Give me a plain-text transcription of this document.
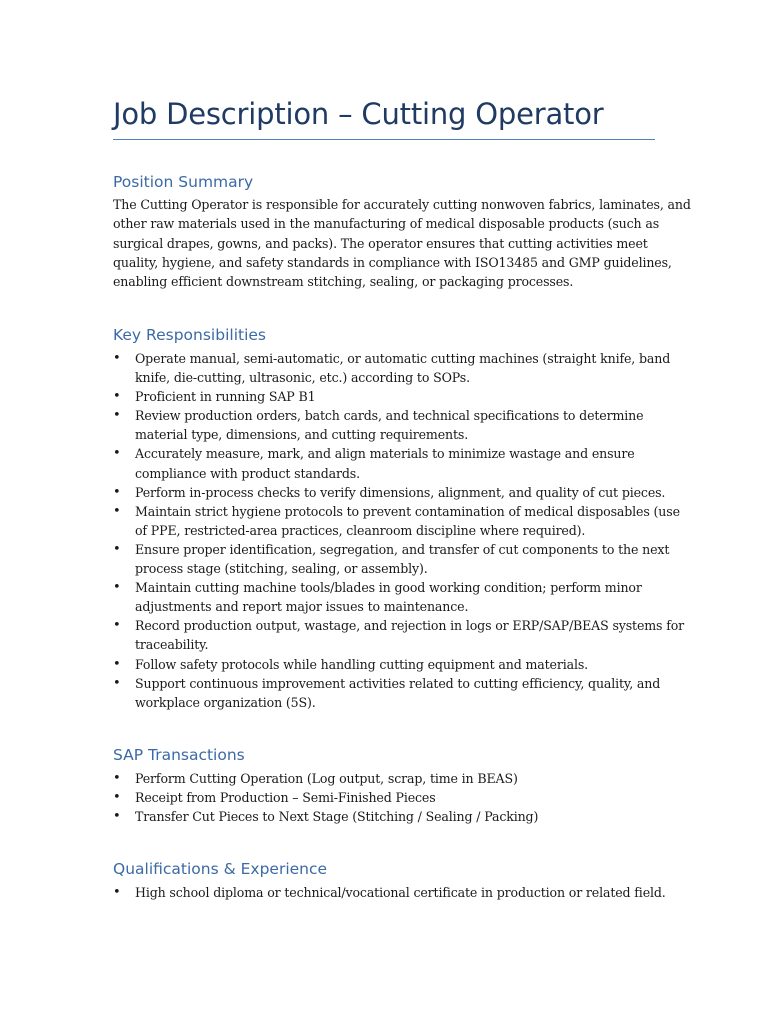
Job Description – Cutting Operator
Position Summary

The Cutting Operator is responsible for accurately cutting nonwoven fabrics, laminates, and
other raw materials used in the manufacturing of medical disposable products (such as
surgical drapes, gowns, and packs). The operator ensures that cutting activities meet
quality, hygiene, and safety standards in compliance with ISO13485 and GMP guidelines,
enabling efficient downstream stitching, sealing, or packaging processes.

Key Responsibilities
• Operate manual, semi-automatic, or automatic cutting machines (straight knife, band
knife, die-cutting, ultrasonic, etc.) according to SOPs.
• Proficient in running SAP B1
• Review production orders, batch cards, and technical specifications to determine
material type, dimensions, and cutting requirements.
• Accurately measure, mark, and align materials to minimize wastage and ensure
compliance with product standards.
• Perform in-process checks to verify dimensions, alignment, and quality of cut pieces.
• Maintain strict hygiene protocols to prevent contamination of medical disposables (use
of PPE, restricted-area practices, cleanroom discipline where required).
• Ensure proper identification, segregation, and transfer of cut components to the next
process stage (stitching, sealing, or assembly).
• Maintain cutting machine tools/blades in good working condition; perform minor
adjustments and report major issues to maintenance.
• Record production output, wastage, and rejection in logs or ERP/SAP/BEAS systems for
traceability.
• Follow safety protocols while handling cutting equipment and materials.
• Support continuous improvement activities related to cutting efficiency, quality, and
workplace organization (5S).
SAP Transactions
• Perform Cutting Operation (Log output, scrap, time in BEAS)
• Receipt from Production – Semi-Finished Pieces
• Transfer Cut Pieces to Next Stage (Stitching / Sealing / Packing)
Qualifications & Experience
• High school diploma or technical/vocational certificate in production or related field.
